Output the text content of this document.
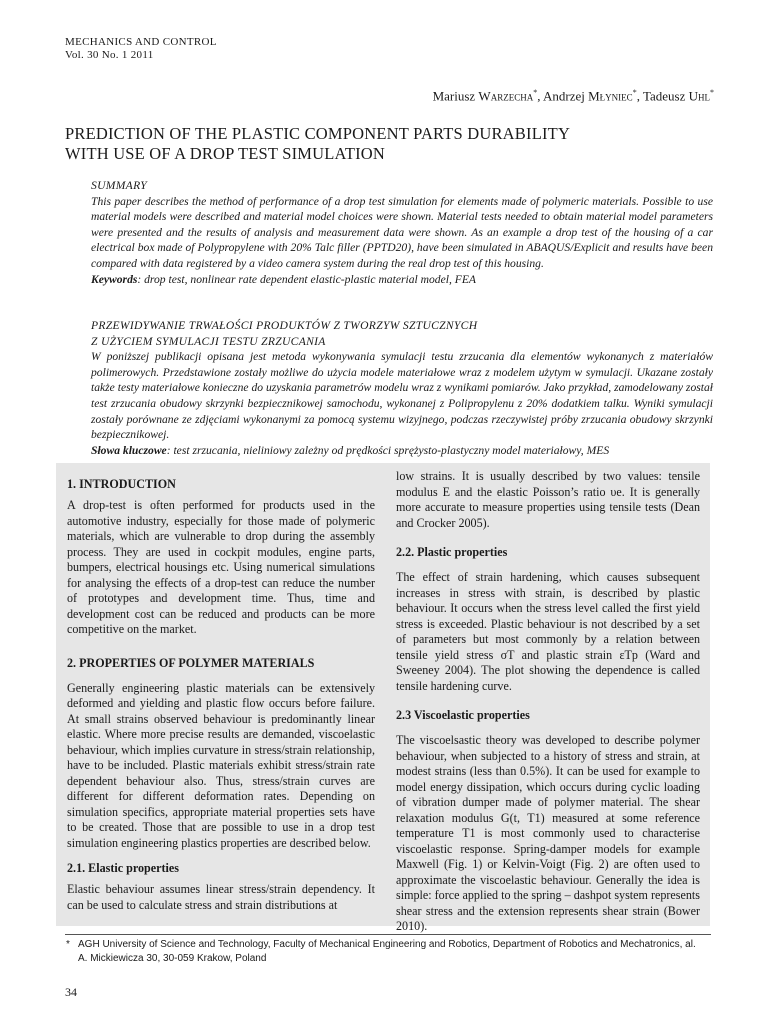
MECHANICS AND CONTROL
Vol. 30 No. 1 2011
Mariusz Warzecha*, Andrzej Młyniec*, Tadeusz Uhl*
PREDICTION OF THE PLASTIC COMPONENT PARTS DURABILITY
WITH USE OF A DROP TEST SIMULATION
SUMMARY

This paper describes the method of performance of a drop test simulation for elements made of polymeric materials. Possible to use material models were described and material model choices were shown. Material tests needed to obtain material model parameters were presented and the results of analysis and measurement data were shown. As an example a drop test of the housing of a car electrical box made of Polypropylene with 20% Talc filler (PPTD20), have been simulated in ABAQUS/Explicit and results have been compared with data registered by a video camera system during the real drop test of this housing.

Keywords: drop test, nonlinear rate dependent elastic-plastic material model, FEA

PRZEWIDYWANIE TRWAŁOŚCI PRODUKTÓW Z TWORZYW SZTUCZNYCH
Z UŻYCIEM SYMULACJI TESTU ZRZUCANIA

W poniższej publikacji opisana jest metoda wykonywania symulacji testu zrzucania dla elementów wykonanych z materiałów polimerowych. Przedstawione zostały możliwe do użycia modele materiałowe wraz z modelem użytym w symulacji. Ukazane zostały także testy materiałowe konieczne do uzyskania parametrów modelu wraz z wynikami pomiarów. Jako przykład, zamodelowany został test zrzucania obudowy skrzynki bezpiecznikowej samochodu, wykonanej z Polipropylenu z 20% dodatkiem talku. Wyniki symulacji zostały porównane ze zdjęciami wykonanymi za pomocą systemu wizyjnego, podczas rzeczywistej próby zrzucania obudowy skrzynki bezpiecznikowej.

Słowa kluczowe: test zrzucania, nieliniowy zależny od prędkości sprężysto-plastyczny model materiałowy, MES

1. INTRODUCTION

A drop-test is often performed for products used in the automotive industry, especially for those made of polymeric materials, which are vulnerable to drop during the assembly process. They are used in cockpit modules, engine parts, bumpers, electrical housings etc. Using numerical simulations for analysing the effects of a drop-test can reduce the number of prototypes and development time. Thus, time and development cost can be reduced and products can be more competitive on the market.

2. PROPERTIES OF POLYMER MATERIALS

Generally engineering plastic materials can be extensively deformed and yielding and plastic flow occurs before failure. At small strains observed behaviour is predominantly linear elastic. Where more precise results are demanded, viscoelastic behaviour, which implies curvature in stress/strain relationship, have to be included. Plastic materials exhibit stress/strain rate dependent behaviour also. Thus, stress/strain curves are different for different deformation rates. Depending on simulation specifics, appropriate material properties sets have to be created. Those that are possible to use in a drop test simulation engineering plastics properties are described below.

2.1. Elastic properties

Elastic behaviour assumes linear stress/strain dependency. It can be used to calculate stress and strain distributions at

low strains. It is usually described by two values: tensile modulus E and the elastic Poisson’s ratio υe. It is generally more accurate to measure properties using tensile tests (Dean and Crocker 2005).

2.2. Plastic properties

The effect of strain hardening, which causes subsequent increases in stress with strain, is described by plastic behaviour. It occurs when the stress level called the first yield stress is exceeded. Plastic behaviour is not described by a set of parameters but most commonly by a relation between tensile yield stress σT and plastic strain εTp (Ward and Sweeney 2004). The plot showing the dependence is called tensile hardening curve.

2.3 Viscoelastic properties

The viscoelsastic theory was developed to describe polymer behaviour, when subjected to a history of stress and strain, at modest strains (less than 0.5%). It can be used for example to model energy dissipation, which occurs during cyclic loading of vibration dumper made of polymer material. The shear relaxation modulus G(t, T1) measured at some reference temperature T1 is most commonly used to characterise viscoelastic response. Spring-damper models for example Maxwell (Fig. 1) or Kelvin-Voigt (Fig. 2) are often used to approximate the viscoelastic behaviour. Generally the idea is simple: force applied to the spring – dashpot system represents shear stress and the extension represents shear strain (Bower 2010).

* AGH University of Science and Technology, Faculty of Mechanical Engineering and Robotics, Department of Robotics and Mechatronics, al. A. Mickiewicza 30, 30-059 Krakow, Poland
34
